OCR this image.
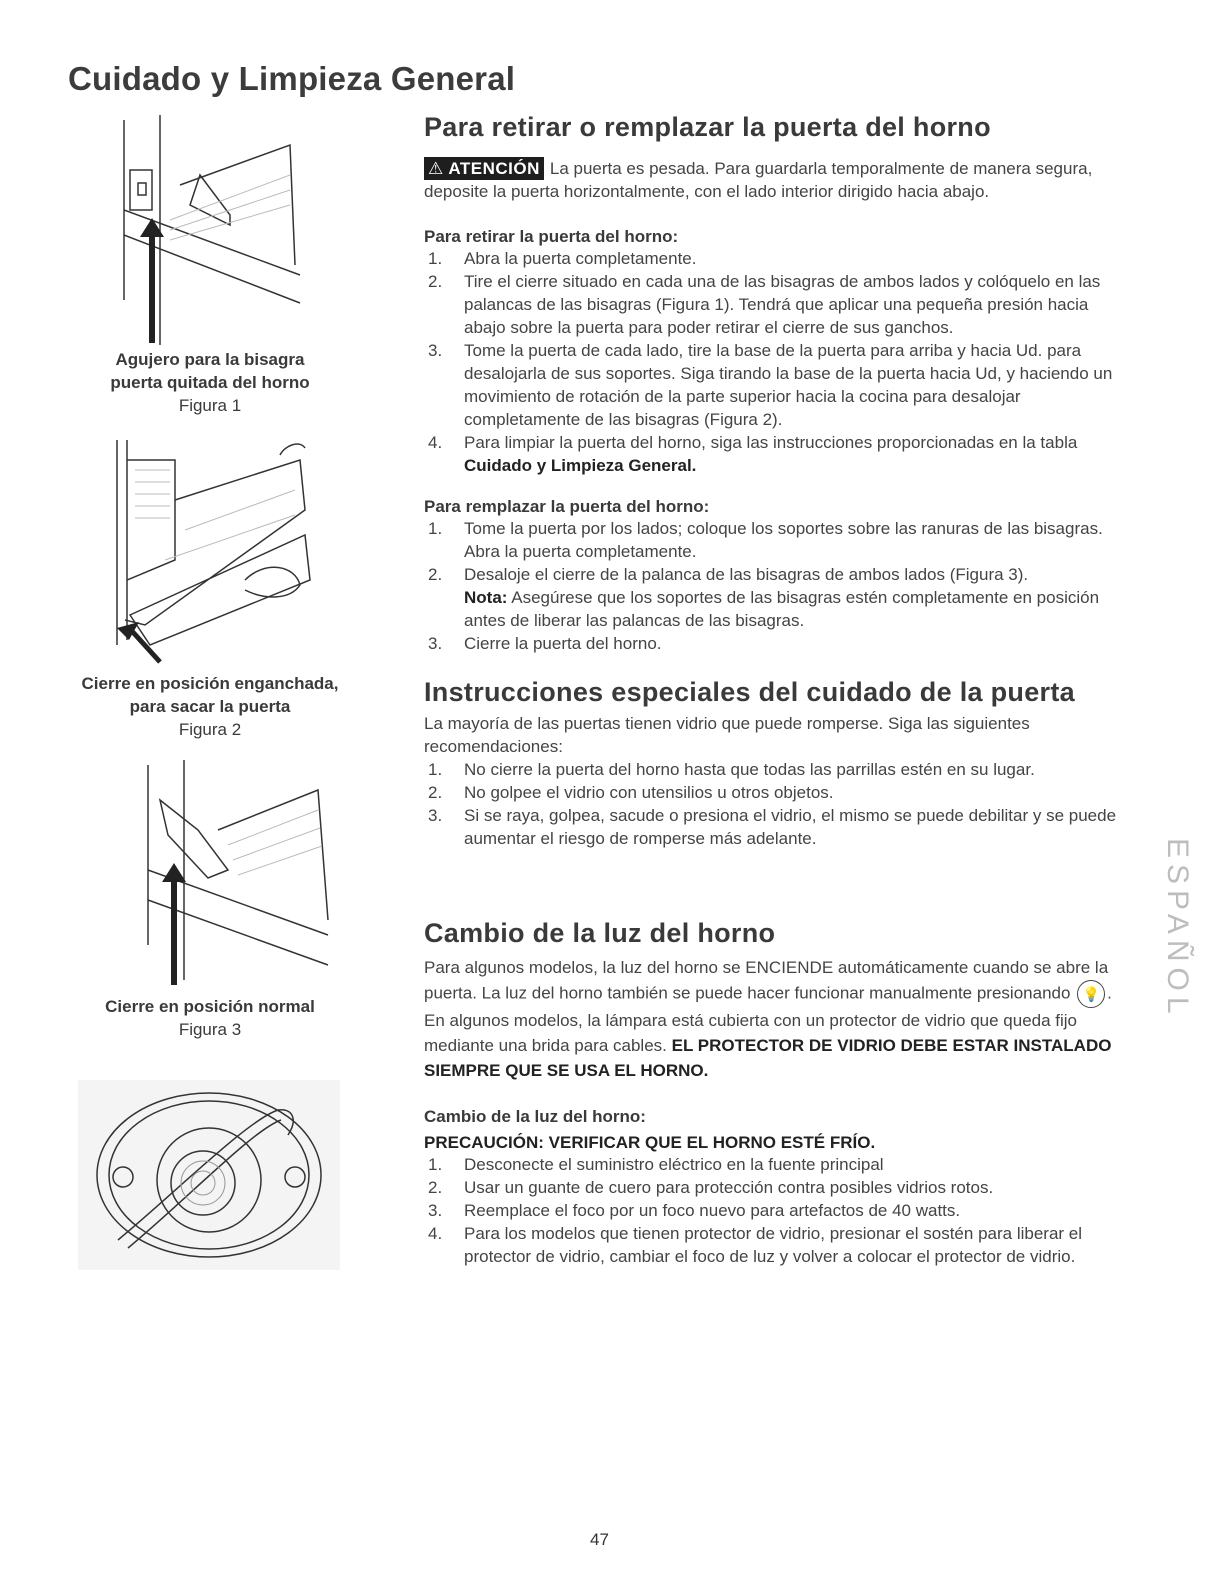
Cuidado y Limpieza General
Agujero para la bisagra
puerta quitada del horno
Figura 1
Cierre en posición enganchada,
para sacar la puerta
Figura 2
Cierre en posición normal
Figura 3
Para retirar o remplazar la puerta del horno

⚠ ATENCIÓN La puerta es pesada. Para guardarla temporalmente de manera segura, deposite la puerta horizontalmente, con el lado interior dirigido hacia abajo.

Para retirar la puerta del horno:

1. Abra la puerta completamente.
2. Tire el cierre situado en cada una de las bisagras de ambos lados y colóquelo en las palancas de las bisagras (Figura 1). Tendrá que aplicar una pequeña presión hacia abajo sobre la puerta para poder retirar el cierre de sus ganchos.
3. Tome la puerta de cada lado, tire la base de la puerta para arriba y hacia Ud. para desalojarla de sus soportes. Siga tirando la base de la puerta hacia Ud, y haciendo un movimiento de rotación de la parte superior hacia la cocina para desalojar completamente de las bisagras (Figura 2).
4. Para limpiar la puerta del horno, siga las instrucciones proporcionadas en la tabla Cuidado y Limpieza General.

Para remplazar la puerta del horno:

1. Tome la puerta por los lados; coloque los soportes sobre las ranuras de las bisagras. Abra la puerta completamente.
2. Desaloje el cierre de la palanca de las bisagras de ambos lados (Figura 3).
Nota: Asegúrese que los soportes de las bisagras estén completamente en posición antes de liberar las palancas de las bisagras.
3. Cierre la puerta del horno.
Instrucciones especiales del cuidado de la puerta

La mayoría de las puertas tienen vidrio que puede romperse. Siga las siguientes recomendaciones:

1. No cierre la puerta del horno hasta que todas las parrillas estén en su lugar.
2. No golpee el vidrio con utensilios u otros objetos.
3. Si se raya, golpea, sacude o presiona el vidrio, el mismo se puede debilitar y se puede aumentar el riesgo de romperse más adelante.
Cambio de la luz del horno

Para algunos modelos, la luz del horno se ENCIENDE automáticamente cuando se abre la puerta. La luz del horno también se puede hacer funcionar manualmente presionando 💡 . En algunos modelos, la lámpara está cubierta con un protector de vidrio que queda fijo mediante una brida para cables. EL PROTECTOR DE VIDRIO DEBE ESTAR INSTALADO SIEMPRE QUE SE USA EL HORNO.

Cambio de la luz del horno:

PRECAUCIÓN: VERIFICAR QUE EL HORNO ESTÉ FRÍO.

1. Desconecte el suministro eléctrico en la fuente principal
2. Usar un guante de cuero para protección contra posibles vidrios rotos.
3. Reemplace el foco por un foco nuevo para artefactos de 40 watts.
4. Para los modelos que tienen protector de vidrio, presionar el sostén para liberar el protector de vidrio, cambiar el foco de luz y volver a colocar el protector de vidrio.
ESPAÑOL
47
